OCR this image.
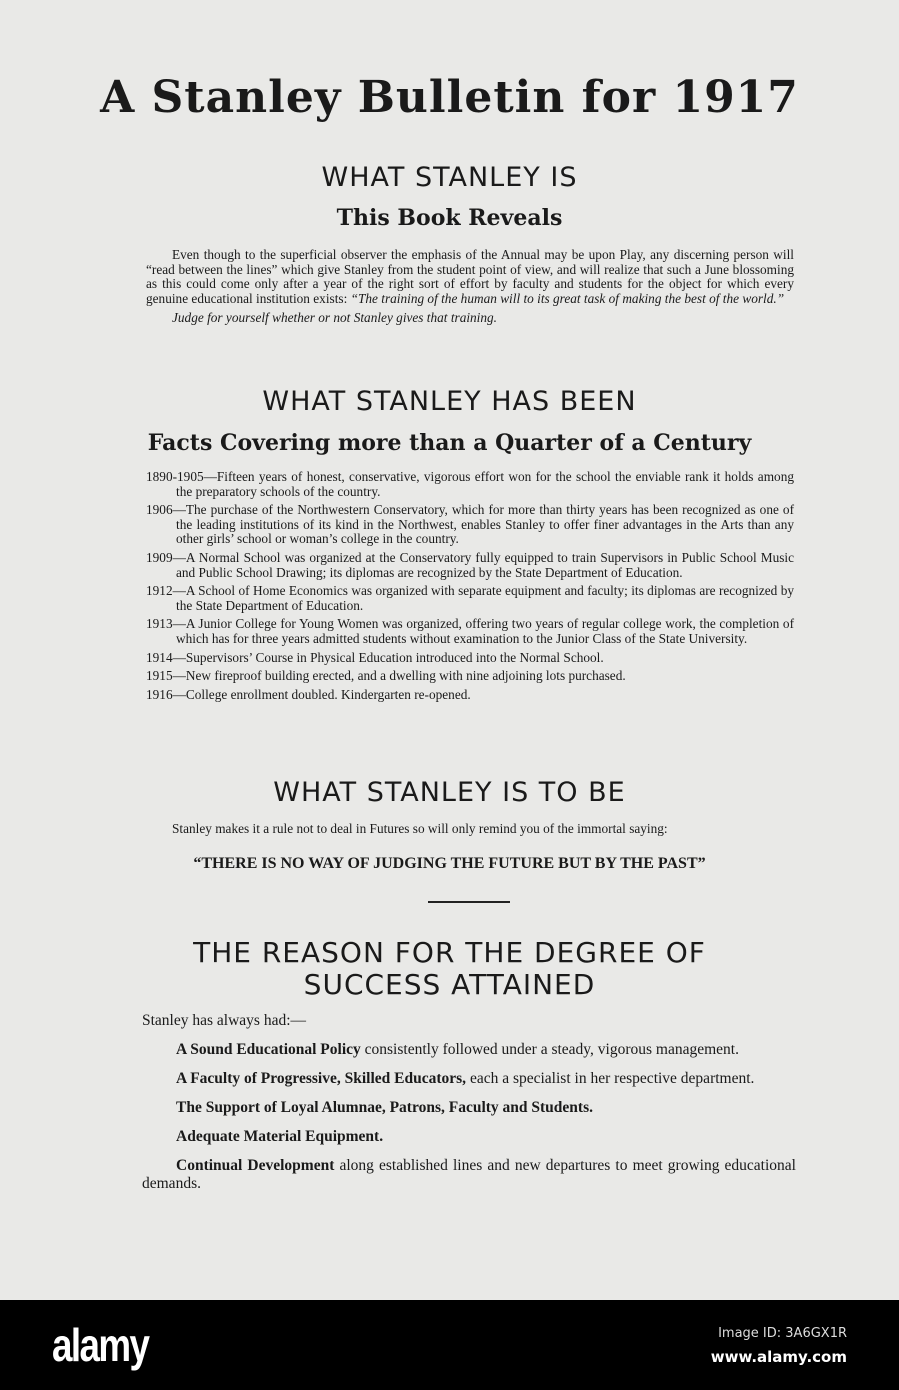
A Stanley Bulletin for 1917
WHAT STANLEY IS
This Book Reveals

Even though to the superficial observer the emphasis of the Annual may be upon Play, any discerning person will “read between the lines” which give Stanley from the student point of view, and will realize that such a June blossoming as this could come only after a year of the right sort of effort by faculty and students for the object for which every genuine educational institution exists: “The training of the human will to its great task of making the best of the world.”

Judge for yourself whether or not Stanley gives that training.

WHAT STANLEY HAS BEEN
Facts Covering more than a Quarter of a Century
1890-1905—Fifteen years of honest, conservative, vigorous effort won for the school the enviable rank it holds among the preparatory schools of the country.
1906—The purchase of the Northwestern Conservatory, which for more than thirty years has been recognized as one of the leading institutions of its kind in the Northwest, enables Stanley to offer finer advantages in the Arts than any other girls’ school or woman’s college in the country.
1909—A Normal School was organized at the Conservatory fully equipped to train Supervisors in Public School Music and Public School Drawing; its diplomas are recognized by the State Department of Education.
1912—A School of Home Economics was organized with separate equipment and faculty; its diplomas are recognized by the State Department of Education.
1913—A Junior College for Young Women was organized, offering two years of regular college work, the completion of which has for three years admitted students without examination to the Junior Class of the State University.
1914—Supervisors’ Course in Physical Education introduced into the Normal School.
1915—New fireproof building erected, and a dwelling with nine adjoining lots purchased.
1916—College enrollment doubled. Kindergarten re-opened.
WHAT STANLEY IS TO BE

Stanley makes it a rule not to deal in Futures so will only remind you of the immortal saying:

“THERE IS NO WAY OF JUDGING THE FUTURE BUT BY THE PAST”
THE REASON FOR THE DEGREE OF
SUCCESS ATTAINED

Stanley has always had:—

A Sound Educational Policy consistently followed under a steady, vigorous management.

A Faculty of Progressive, Skilled Educators, each a specialist in her respective department.

The Support of Loyal Alumnae, Patrons, Faculty and Students.

Adequate Material Equipment.

Continual Development along established lines and new departures to meet growing educational demands.

alamy	Image ID: 3A6GX1R
www.alamy.com
